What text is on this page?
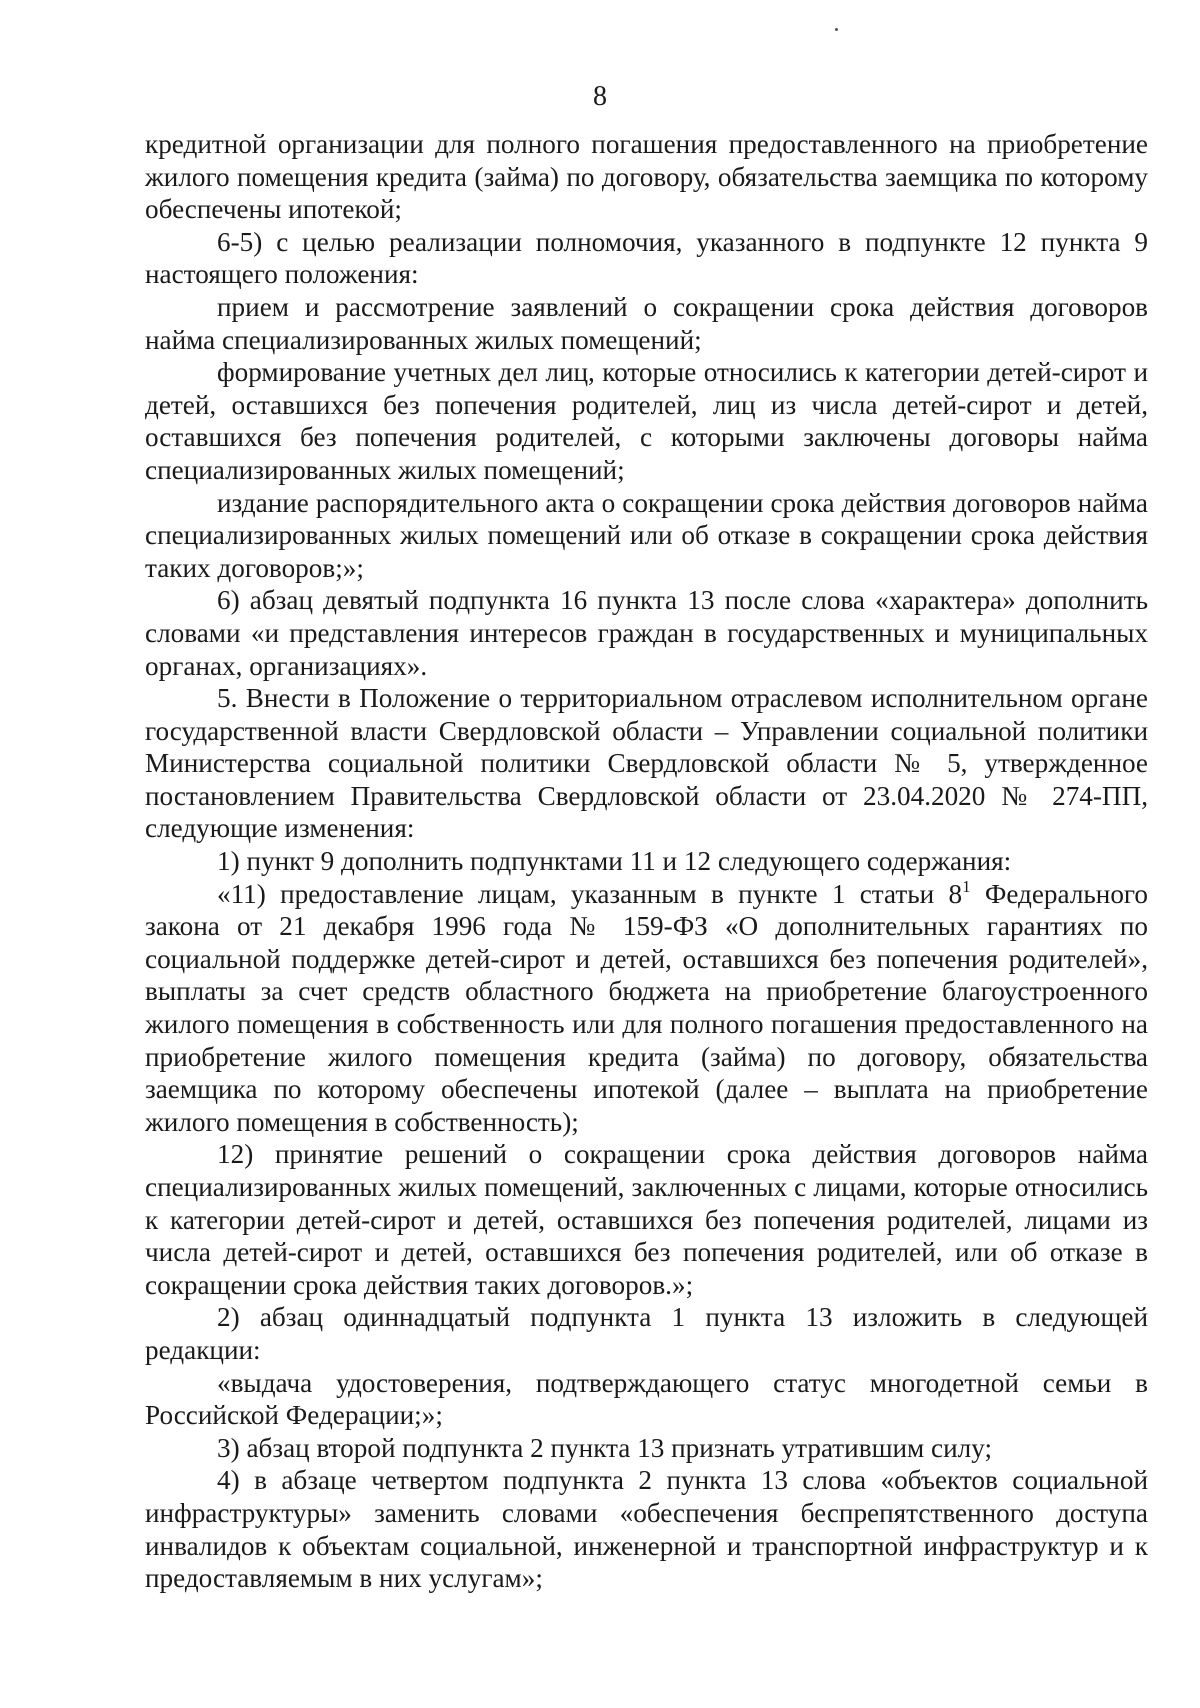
8

кредитной организации для полного погашения предоставленного на приобретение жилого помещения кредита (займа) по договору, обязательства заемщика по которому обеспечены ипотекой;

6-5) с целью реализации полномочия, указанного в подпункте 12 пункта 9 настоящего положения:

прием и рассмотрение заявлений о сокращении срока действия договоров найма специализированных жилых помещений;

формирование учетных дел лиц, которые относились к категории детей-сирот и детей, оставшихся без попечения родителей, лиц из числа детей-сирот и детей, оставшихся без попечения родителей, с которыми заключены договоры найма специализированных жилых помещений;

издание распорядительного акта о сокращении срока действия договоров найма специализированных жилых помещений или об отказе в сокращении срока действия таких договоров;»;

6) абзац девятый подпункта 16 пункта 13 после слова «характера» дополнить словами «и представления интересов граждан в государственных и муниципальных органах, организациях».

5. Внести в Положение о территориальном отраслевом исполнительном органе государственной власти Свердловской области – Управлении социальной политики Министерства социальной политики Свердловской области № 5, утвержденное постановлением Правительства Свердловской области от 23.04.2020 № 274-ПП, следующие изменения:

1) пункт 9 дополнить подпунктами 11 и 12 следующего содержания:

«11) предоставление лицам, указанным в пункте 1 статьи $8^1$ Федерального закона от 21 декабря 1996 года № 159-ФЗ «О дополнительных гарантиях по социальной поддержке детей-сирот и детей, оставшихся без попечения родителей», выплаты за счет средств областного бюджета на приобретение благоустроенного жилого помещения в собственность или для полного погашения предоставленного на приобретение жилого помещения кредита (займа) по договору, обязательства заемщика по которому обеспечены ипотекой (далее – выплата на приобретение жилого помещения в собственность);

12) принятие решений о сокращении срока действия договоров найма специализированных жилых помещений, заключенных с лицами, которые относились к категории детей-сирот и детей, оставшихся без попечения родителей, лицами из числа детей-сирот и детей, оставшихся без попечения родителей, или об отказе в сокращении срока действия таких договоров.»;

2) абзац одиннадцатый подпункта 1 пункта 13 изложить в следующей редакции:

«выдача удостоверения, подтверждающего статус многодетной семьи в Российской Федерации;»;

3) абзац второй подпункта 2 пункта 13 признать утратившим силу;

4) в абзаце четвертом подпункта 2 пункта 13 слова «объектов социальной инфраструктуры» заменить словами «обеспечения беспрепятственного доступа инвалидов к объектам социальной, инженерной и транспортной инфраструктур и к предоставляемым в них услугам»;
